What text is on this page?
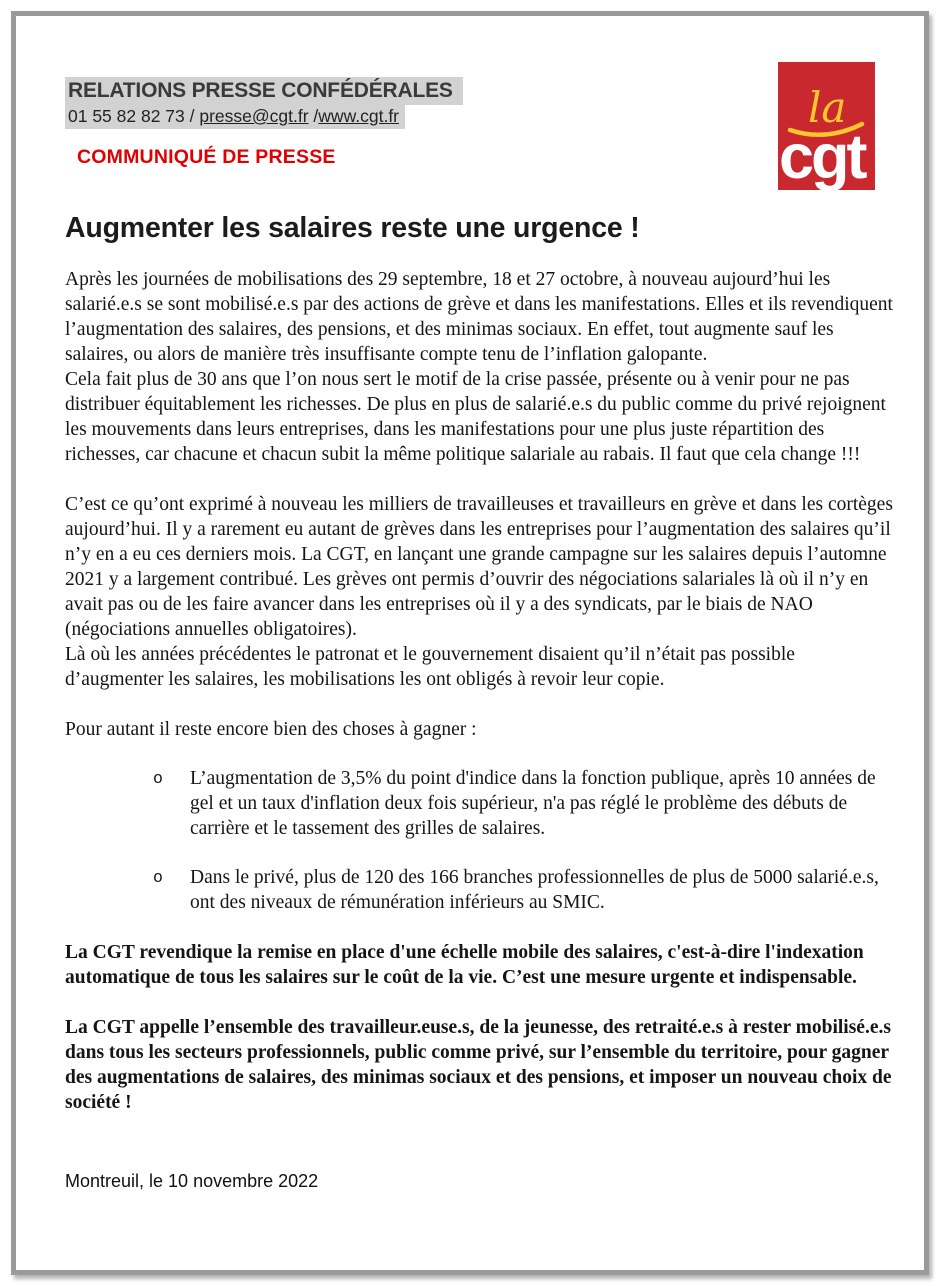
la
cgt
RELATIONS PRESSE CONFÉDÉRALES
01 55 82 82 73 / presse@cgt.fr /www.cgt.fr
COMMUNIQUÉ DE PRESSE
Augmenter les salaires reste une urgence !

Après les journées de mobilisations des 29 septembre, 18 et 27 octobre, à nouveau aujourd’hui les salarié.e.s se sont mobilisé.e.s par des actions de grève et dans les manifestations. Elles et ils revendiquent l’augmentation des salaires, des pensions, et des minimas sociaux. En effet, tout augmente sauf les salaires, ou alors de manière très insuffisante compte tenu de l’inflation galopante.

Cela fait plus de 30 ans que l’on nous sert le motif de la crise passée, présente ou à venir pour ne pas distribuer équitablement les richesses. De plus en plus de salarié.e.s du public comme du privé rejoignent les mouvements dans leurs entreprises, dans les manifestations pour une plus juste répartition des richesses, car chacune et chacun subit la même politique salariale au rabais. Il faut que cela change !!!

C’est ce qu’ont exprimé à nouveau les milliers de travailleuses et travailleurs en grève et dans les cortèges aujourd’hui. Il y a rarement eu autant de grèves dans les entreprises pour l’augmentation des salaires qu’il n’y en a eu ces derniers mois. La CGT, en lançant une grande campagne sur les salaires depuis l’automne 2021 y a largement contribué. Les grèves ont permis d’ouvrir des négociations salariales là où il n’y en avait pas ou de les faire avancer dans les entreprises où il y a des syndicats, par le biais de NAO (négociations annuelles obligatoires).

Là où les années précédentes le patronat et le gouvernement disaient qu’il n’était pas possible d’augmenter les salaires, les mobilisations les ont obligés à revoir leur copie.

Pour autant il reste encore bien des choses à gagner :

o	L’augmentation de 3,5% du point d'indice dans la fonction publique, après 10 années de gel et un taux d'inflation deux fois supérieur, n'a pas réglé le problème des débuts de carrière et le tassement des grilles de salaires.
o	Dans le privé, plus de 120 des 166 branches professionnelles de plus de 5000 salarié.e.s, ont des niveaux de rémunération inférieurs au SMIC.

La CGT revendique la remise en place d'une échelle mobile des salaires, c'est-à-dire l'indexation automatique de tous les salaires sur le coût de la vie. C’est une mesure urgente et indispensable.

La CGT appelle l’ensemble des travailleur.euse.s, de la jeunesse, des retraité.e.s à rester mobilisé.e.s dans tous les secteurs professionnels, public comme privé, sur l’ensemble du territoire, pour gagner des augmentations de salaires, des minimas sociaux et des pensions, et imposer un nouveau choix de société !

Montreuil, le 10 novembre 2022
